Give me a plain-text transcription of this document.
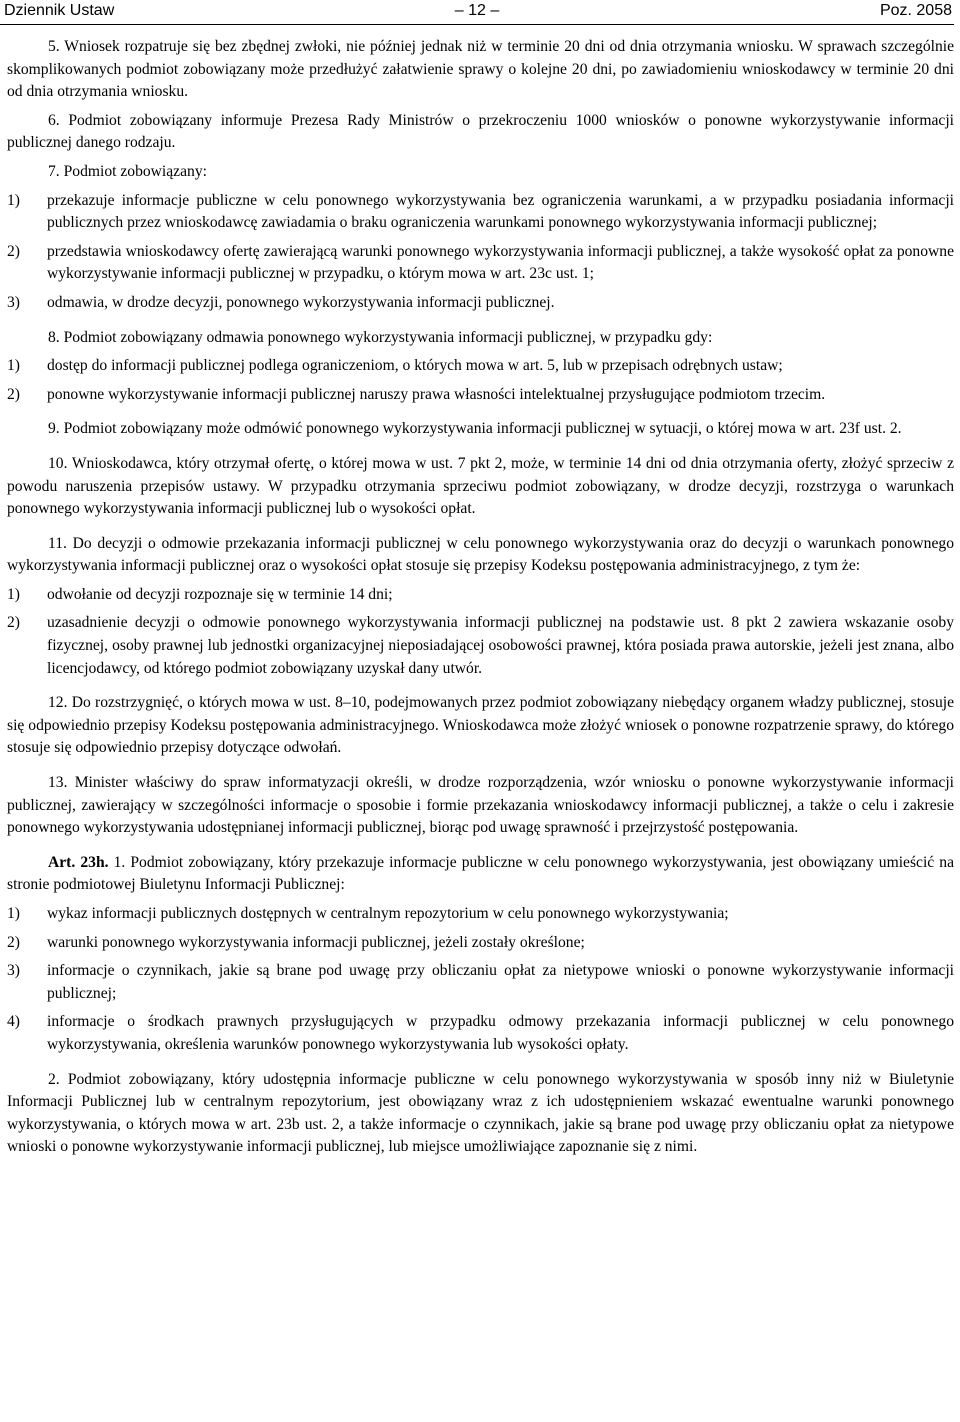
Dziennik Ustaw	– 12 –	Poz. 2058

5. Wniosek rozpatruje się bez zbędnej zwłoki, nie później jednak niż w terminie 20 dni od dnia otrzymania wniosku. W sprawach szczególnie skomplikowanych podmiot zobowiązany może przedłużyć załatwienie sprawy o kolejne 20 dni, po zawiadomieniu wnioskodawcy w terminie 20 dni od dnia otrzymania wniosku.

6. Podmiot zobowiązany informuje Prezesa Rady Ministrów o przekroczeniu 1000 wniosków o ponowne wykorzystywanie informacji publicznej danego rodzaju.

7. Podmiot zobowiązany:

1) przekazuje informacje publiczne w celu ponownego wykorzystywania bez ograniczenia warunkami, a w przypadku posiadania informacji publicznych przez wnioskodawcę zawiadamia o braku ograniczenia warunkami ponownego wykorzystywania informacji publicznej;
2) przedstawia wnioskodawcy ofertę zawierającą warunki ponownego wykorzystywania informacji publicznej, a także wysokość opłat za ponowne wykorzystywanie informacji publicznej w przypadku, o którym mowa w art. 23c ust. 1;
3) odmawia, w drodze decyzji, ponownego wykorzystywania informacji publicznej.

8. Podmiot zobowiązany odmawia ponownego wykorzystywania informacji publicznej, w przypadku gdy:

1) dostęp do informacji publicznej podlega ograniczeniom, o których mowa w art. 5, lub w przepisach odrębnych ustaw;
2) ponowne wykorzystywanie informacji publicznej naruszy prawa własności intelektualnej przysługujące podmiotom trzecim.

9. Podmiot zobowiązany może odmówić ponownego wykorzystywania informacji publicznej w sytuacji, o której mowa w art. 23f ust. 2.

10. Wnioskodawca, który otrzymał ofertę, o której mowa w ust. 7 pkt 2, może, w terminie 14 dni od dnia otrzymania oferty, złożyć sprzeciw z powodu naruszenia przepisów ustawy. W przypadku otrzymania sprzeciwu podmiot zobowiązany, w drodze decyzji, rozstrzyga o warunkach ponownego wykorzystywania informacji publicznej lub o wysokości opłat.

11. Do decyzji o odmowie przekazania informacji publicznej w celu ponownego wykorzystywania oraz do decyzji o warunkach ponownego wykorzystywania informacji publicznej oraz o wysokości opłat stosuje się przepisy Kodeksu postępowania administracyjnego, z tym że:

1) odwołanie od decyzji rozpoznaje się w terminie 14 dni;
2) uzasadnienie decyzji o odmowie ponownego wykorzystywania informacji publicznej na podstawie ust. 8 pkt 2 zawiera wskazanie osoby fizycznej, osoby prawnej lub jednostki organizacyjnej nieposiadającej osobowości prawnej, która posiada prawa autorskie, jeżeli jest znana, albo licencjodawcy, od którego podmiot zobowiązany uzyskał dany utwór.

12. Do rozstrzygnięć, o których mowa w ust. 8–10, podejmowanych przez podmiot zobowiązany niebędący organem władzy publicznej, stosuje się odpowiednio przepisy Kodeksu postępowania administracyjnego. Wnioskodawca może złożyć wniosek o ponowne rozpatrzenie sprawy, do którego stosuje się odpowiednio przepisy dotyczące odwołań.

13. Minister właściwy do spraw informatyzacji określi, w drodze rozporządzenia, wzór wniosku o ponowne wykorzystywanie informacji publicznej, zawierający w szczególności informacje o sposobie i formie przekazania wnioskodawcy informacji publicznej, a także o celu i zakresie ponownego wykorzystywania udostępnianej informacji publicznej, biorąc pod uwagę sprawność i przejrzystość postępowania.

Art. 23h. 1. Podmiot zobowiązany, który przekazuje informacje publiczne w celu ponownego wykorzystywania, jest obowiązany umieścić na stronie podmiotowej Biuletynu Informacji Publicznej:

1) wykaz informacji publicznych dostępnych w centralnym repozytorium w celu ponownego wykorzystywania;
2) warunki ponownego wykorzystywania informacji publicznej, jeżeli zostały określone;
3) informacje o czynnikach, jakie są brane pod uwagę przy obliczaniu opłat za nietypowe wnioski o ponowne wykorzystywanie informacji publicznej;
4) informacje o środkach prawnych przysługujących w przypadku odmowy przekazania informacji publicznej w celu ponownego wykorzystywania, określenia warunków ponownego wykorzystywania lub wysokości opłaty.

2. Podmiot zobowiązany, który udostępnia informacje publiczne w celu ponownego wykorzystywania w sposób inny niż w Biuletynie Informacji Publicznej lub w centralnym repozytorium, jest obowiązany wraz z ich udostępnieniem wskazać ewentualne warunki ponownego wykorzystywania, o których mowa w art. 23b ust. 2, a także informacje o czynnikach, jakie są brane pod uwagę przy obliczaniu opłat za nietypowe wnioski o ponowne wykorzystywanie informacji publicznej, lub miejsce umożliwiające zapoznanie się z nimi.
